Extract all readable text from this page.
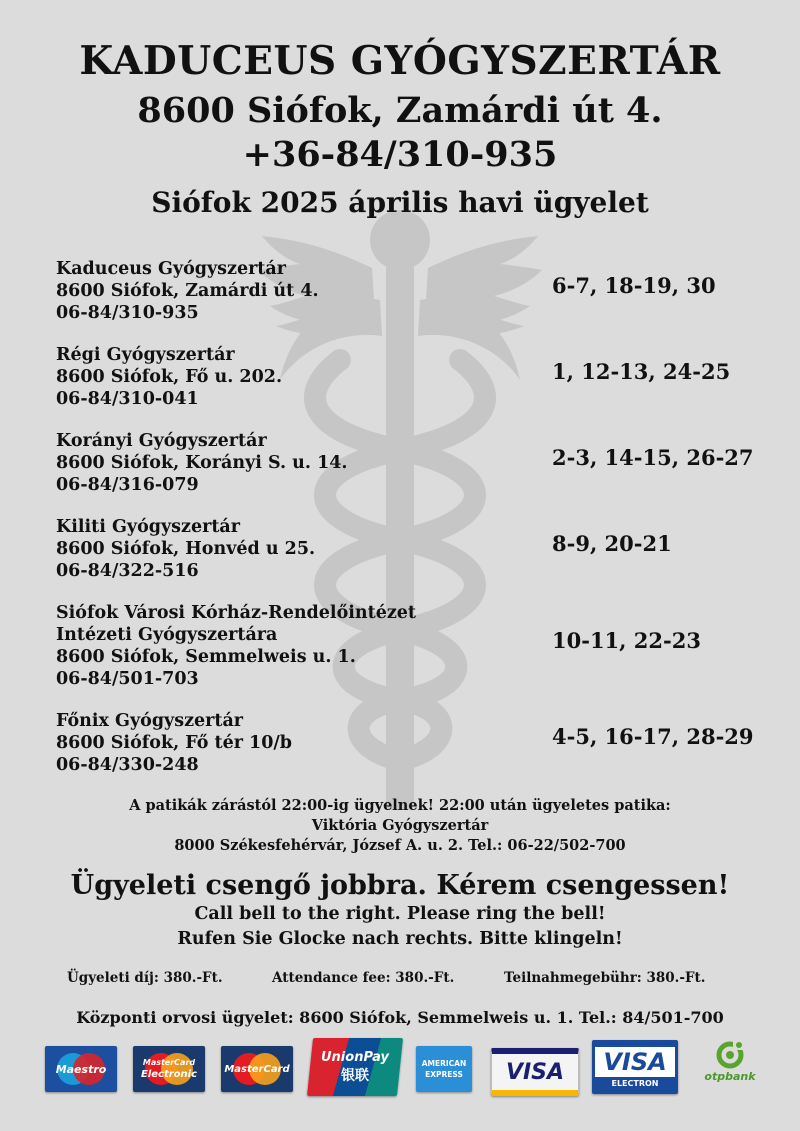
KADUCEUS GYÓGYSZERTÁR
8600 Siófok, Zamárdi út 4.
+36-84/310-935
Siófok 2025 április havi ügyelet
Kaduceus Gyógyszertár
8600 Siófok, Zamárdi út 4.
06-84/310-935
6-7, 18-19, 30
Régi Gyógyszertár
8600 Siófok, Fő u. 202.
06-84/310-041
1, 12-13, 24-25
Korányi Gyógyszertár
8600 Siófok, Korányi S. u. 14.
06-84/316-079
2-3, 14-15, 26-27
Kiliti Gyógyszertár
8600 Siófok, Honvéd u 25.
06-84/322-516
8-9, 20-21
Siófok Városi Kórház-Rendelőintézet
Intézeti Gyógyszertára
8600 Siófok, Semmelweis u. 1.
06-84/501-703
10-11, 22-23
Főnix Gyógyszertár
8600 Siófok, Fő tér 10/b
06-84/330-248
4-5, 16-17, 28-29
A patikák zárástól 22:00-ig ügyelnek! 22:00 után ügyeletes patika:
Viktória Gyógyszertár
8000 Székesfehérvár, József A. u. 2. Tel.: 06-22/502-700
Ügyeleti csengő jobbra. Kérem csengessen!
Call bell to the right. Please ring the bell!
Rufen Sie Glocke nach rechts. Bitte klingeln!
Ügyeleti díj: 380.-Ft.	Attendance fee: 380.-Ft.	Teilnahmegebühr: 380.-Ft.
Központi orvosi ügyelet: 8600 Siófok, Semmelweis u. 1. Tel.: 84/501-700
Maestro	MasterCard
Electronic	MasterCard
UnionPay
银联
AMERICAN
EXPRESS VISA	VISA
ELECTRON	otpbank
